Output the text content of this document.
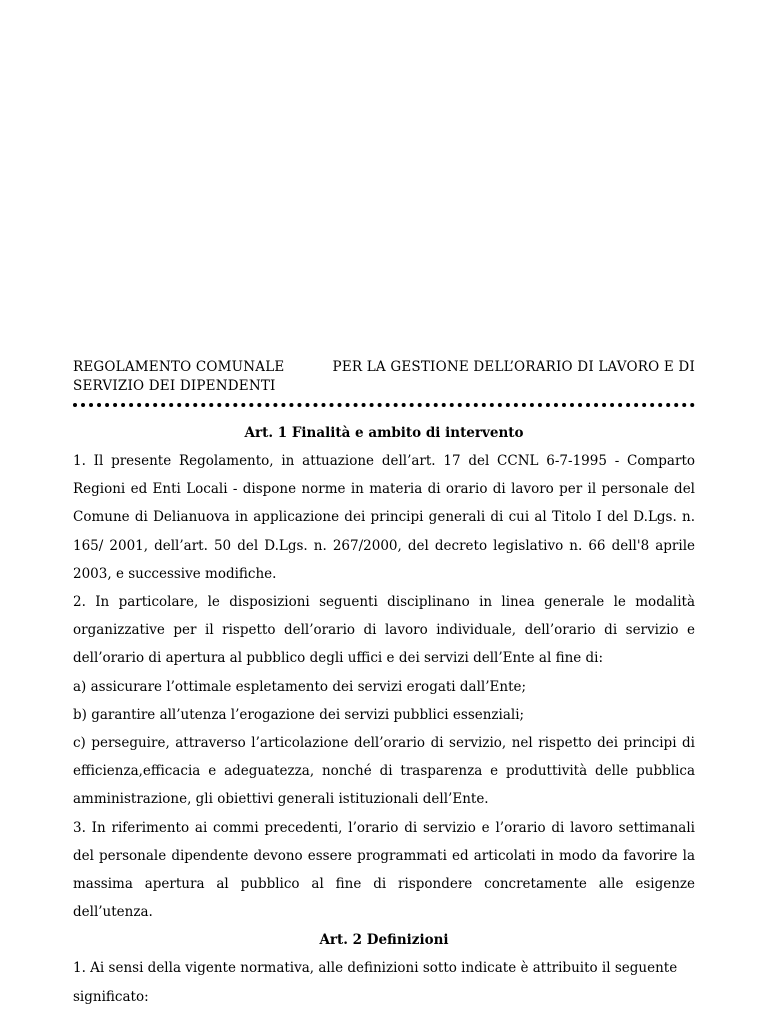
REGOLAMENTO COMUNALE	PER LA GESTIONE DELL’ORARIO DI LAVORO E DI
SERVIZIO DEI DIPENDENTI

Art. 1 Finalità e ambito di intervento

1. Il presente Regolamento, in attuazione dell’art. 17 del CCNL 6-7-1995 - Comparto Regioni ed Enti Locali - dispone norme in materia di orario di lavoro per il personale del Comune di Delianuova in applicazione dei principi generali di cui al Titolo I del D.Lgs. n. 165/ 2001, dell’art. 50 del D.Lgs. n. 267/2000, del decreto legislativo n. 66 dell'8 aprile 2003, e successive modifiche.

2. In particolare, le disposizioni seguenti disciplinano in linea generale le modalità organizzative per il rispetto dell’orario di lavoro individuale, dell’orario di servizio e dell’orario di apertura al pubblico degli uffici e dei servizi dell’Ente al fine di:

a) assicurare l’ottimale espletamento dei servizi erogati dall’Ente;

b) garantire all’utenza l’erogazione dei servizi pubblici essenziali;

c) perseguire, attraverso l’articolazione dell’orario di servizio, nel rispetto dei principi di efficienza,efficacia e adeguatezza, nonché di trasparenza e produttività delle pubblica amministrazione, gli obiettivi generali istituzionali dell’Ente.

3. In riferimento ai commi precedenti, l’orario di servizio e l’orario di lavoro settimanali del personale dipendente devono essere programmati ed articolati in modo da favorire la massima apertura al pubblico al fine di rispondere concretamente alle esigenze dell’utenza.

Art. 2 Definizioni

1. Ai sensi della vigente normativa, alle definizioni sotto indicate è attribuito il seguente

significato:
